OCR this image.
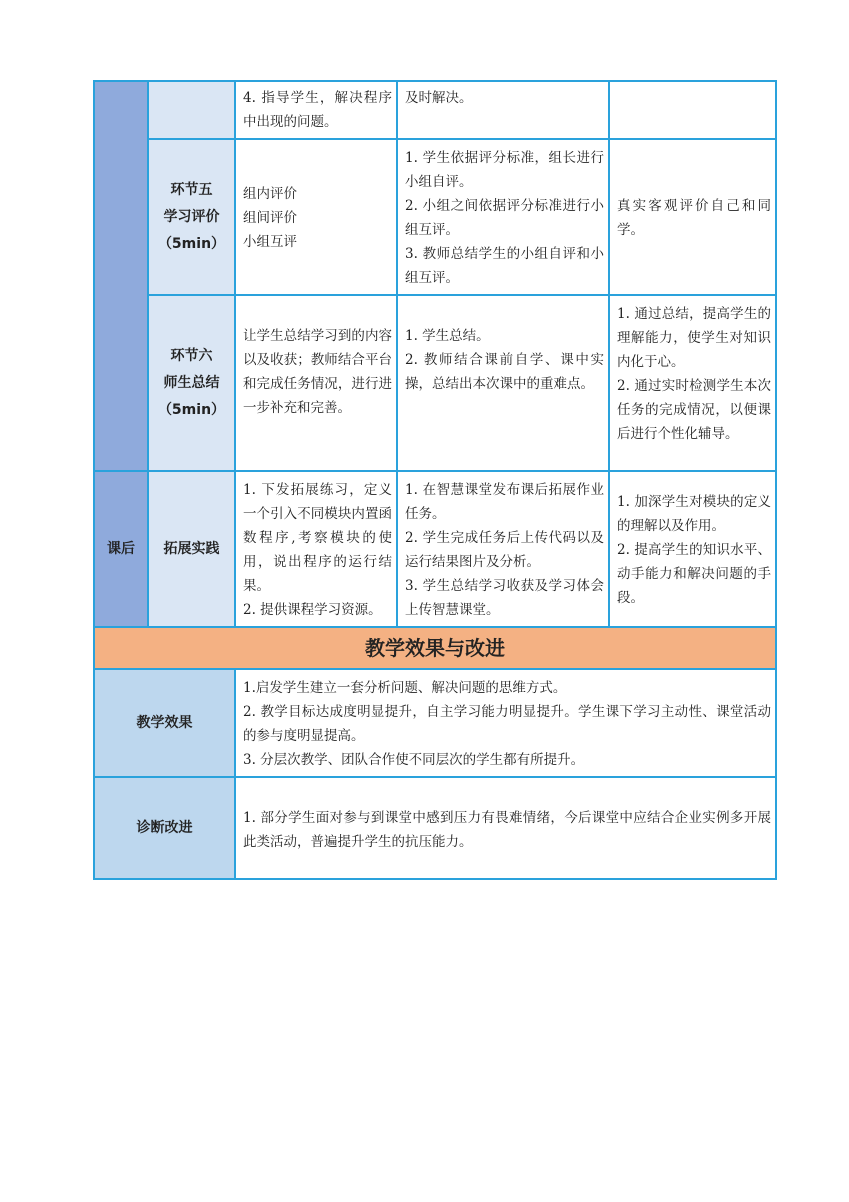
		4. 指导学生，解决程序中出现的问题。	及时解决。	

	环节五
学习评价
（5min）	组内评价
组间评价
小组互评	1. 学生依据评分标准，组长进行小组自评。
2. 小组之间依据评分标准进行小组互评。
3. 教师总结学生的小组自评和小组互评。	真实客观评价自己和同学。

	环节六
师生总结
（5min）	让学生总结学习到的内容以及收获；教师结合平台和完成任务情况，进行进一步补充和完善。	1. 学生总结。
2. 教师结合课前自学、课中实操，总结出本次课中的重难点。	1. 通过总结，提高学生的理解能力，使学生对知识内化于心。
2. 通过实时检测学生本次任务的完成情况，以便课后进行个性化辅导。

课后	拓展实践	1. 下发拓展练习，定义一个引入不同模块内置函数程序,考察模块的使用，说出程序的运行结果。
2. 提供课程学习资源。	1. 在智慧课堂发布课后拓展作业任务。
2. 学生完成任务后上传代码以及运行结果图片及分析。
3. 学生总结学习收获及学习体会上传智慧课堂。	1. 加深学生对模块的定义的理解以及作用。
2. 提高学生的知识水平、动手能力和解决问题的手段。

教学效果与改进				
教学效果		1.启发学生建立一套分析问题、解决问题的思维方式。
2. 教学目标达成度明显提升，自主学习能力明显提升。学生课下学习主动性、课堂活动的参与度明显提高。
3. 分层次教学、团队合作使不同层次的学生都有所提升。		

诊断改进		1. 部分学生面对参与到课堂中感到压力有畏难情绪，今后课堂中应结合企业实例多开展此类活动，普遍提升学生的抗压能力。		
